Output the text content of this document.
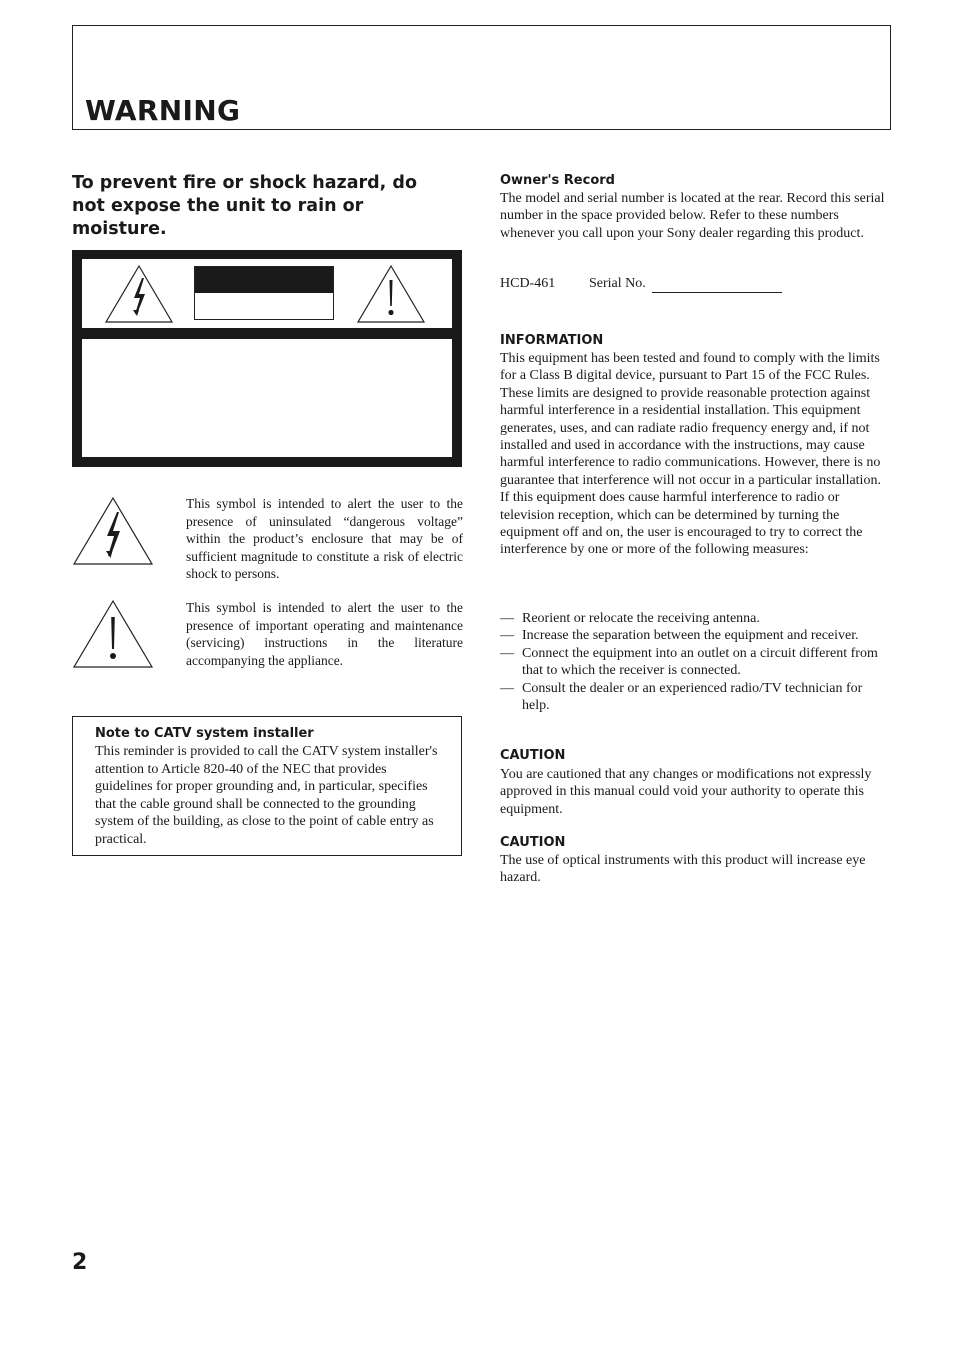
WARNING

To prevent fire or shock hazard, do not expose the unit to rain or moisture.

This symbol is intended to alert the user to the presence of uninsulated “dangerous voltage” within the product’s enclosure that may be of sufficient magnitude to constitute a risk of electric shock to persons.

This symbol is intended to alert the user to the presence of important operating and maintenance (servicing) instructions in the literature accompanying the appliance.

Note to CATV system installer

This reminder is provided to call the CATV system installer's attention to Article 820-40 of the NEC that provides guidelines for proper grounding and, in particular, specifies that the cable ground shall be connected to the grounding system of the building, as close to the point of cable entry as practical.

Owner's Record

The model and serial number is located at the rear. Record this serial number in the space provided below. Refer to these numbers whenever you call upon your Sony dealer regarding this product.

HCD-461 Serial No.

INFORMATION

This equipment has been tested and found to comply with the limits for a Class B digital device, pursuant to Part 15 of the FCC Rules. These limits are designed to provide reasonable protection against harmful interference in a residential installation. This equipment generates, uses, and can radiate radio frequency energy and, if not installed and used in accordance with the instructions, may cause harmful interference to radio communications. However, there is no guarantee that interference will not occur in a particular installation. If this equipment does cause harmful interference to radio or television reception, which can be determined by turning the equipment off and on, the user is encouraged to try to correct the interference by one or more of the following measures:

— Reorient or relocate the receiving antenna.
— Increase the separation between the equipment and receiver.
— Connect the equipment into an outlet on a circuit different from that to which the receiver is connected.
— Consult the dealer or an experienced radio/TV technician for help.

CAUTION

You are cautioned that any changes or modifications not expressly approved in this manual could void your authority to operate this equipment.

CAUTION

The use of optical instruments with this product will increase eye hazard.

2
